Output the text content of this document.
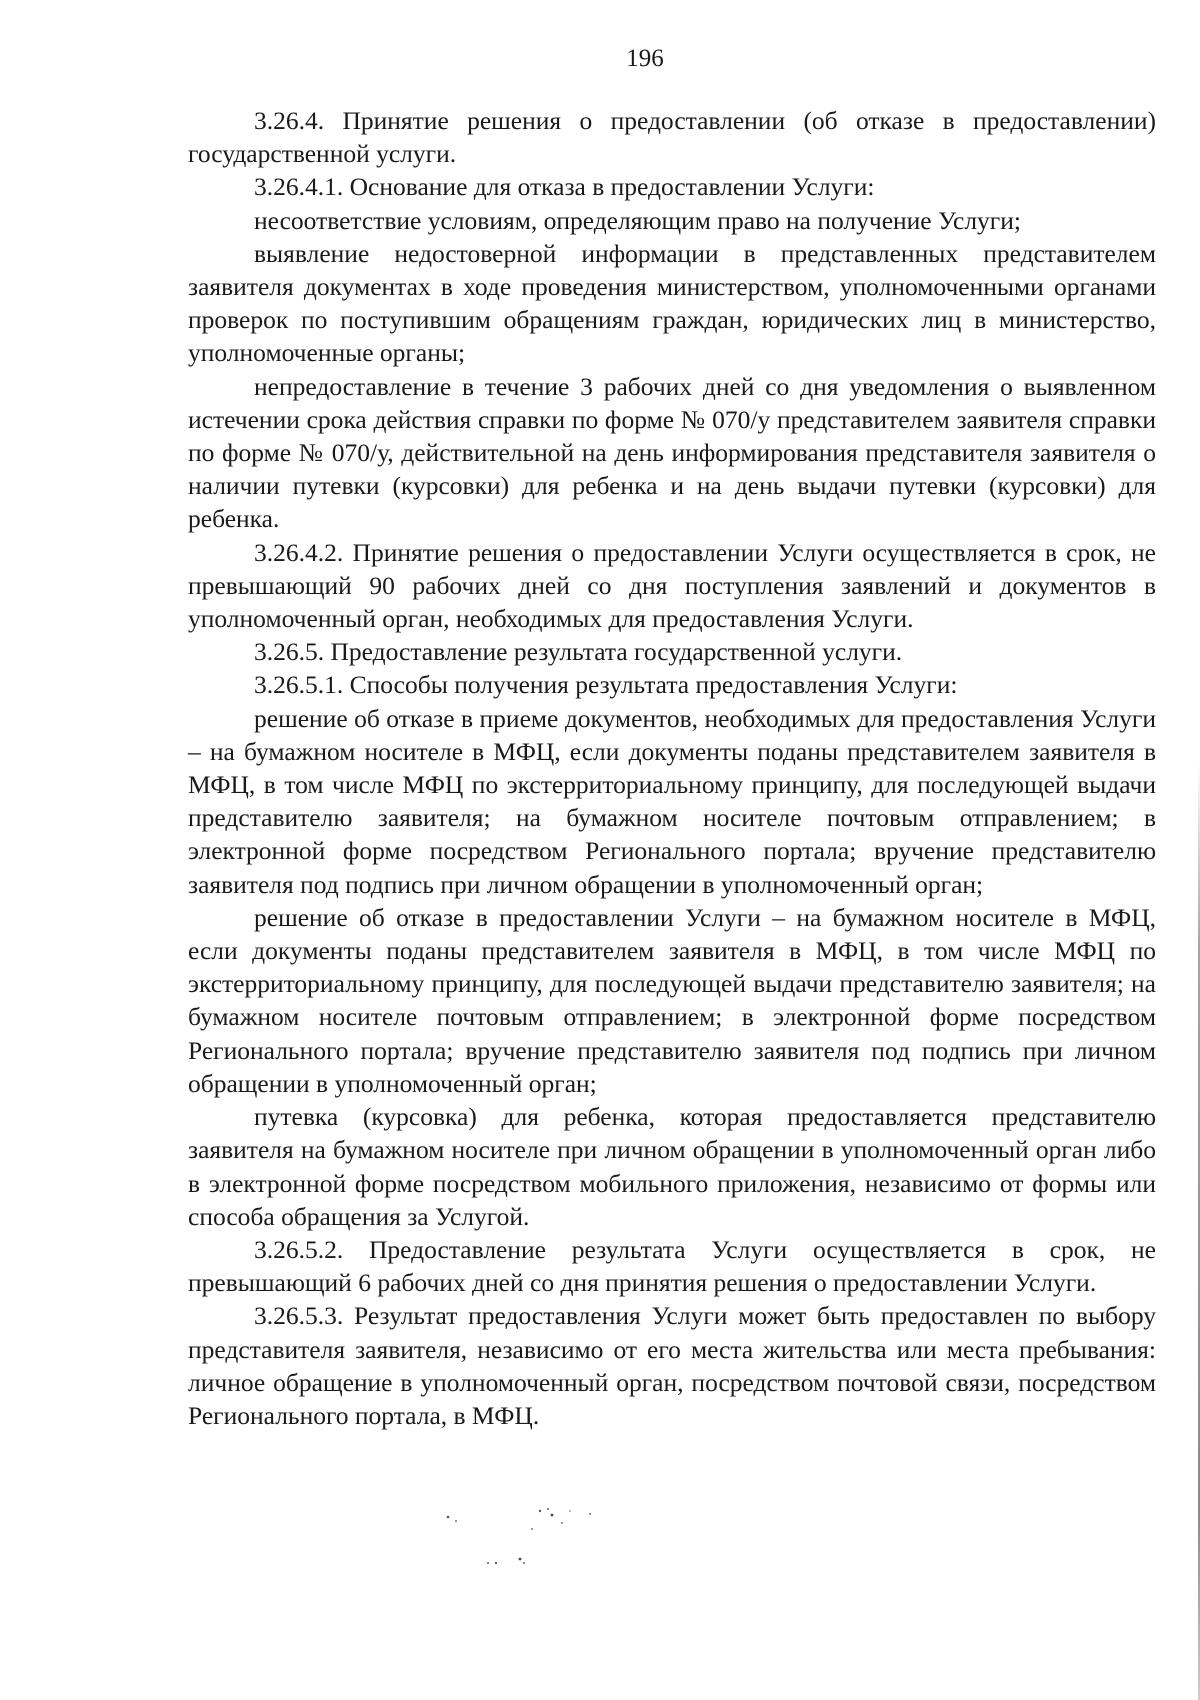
196

3.26.4. Принятие решения о предоставлении (об отказе в предоставлении) государственной услуги.

3.26.4.1. Основание для отказа в предоставлении Услуги:

несоответствие условиям, определяющим право на получение Услуги;

выявление недостоверной информации в представленных представителем заявителя документах в ходе проведения министерством, уполномоченными органами проверок по поступившим обращениям граждан, юридических лиц в министерство, уполномоченные органы;

непредоставление в течение 3 рабочих дней со дня уведомления о выявленном истечении срока действия справки по форме № 070/у представителем заявителя справки по форме № 070/у, действительной на день информирования представителя заявителя о наличии путевки (курсовки) для ребенка и на день выдачи путевки (курсовки) для ребенка.

3.26.4.2. Принятие решения о предоставлении Услуги осуществляется в срок, не превышающий 90 рабочих дней со дня поступления заявлений и документов в уполномоченный орган, необходимых для предоставления Услуги.

3.26.5. Предоставление результата государственной услуги.

3.26.5.1. Способы получения результата предоставления Услуги:

решение об отказе в приеме документов, необходимых для предоставления Услуги – на бумажном носителе в МФЦ, если документы поданы представителем заявителя в МФЦ, в том числе МФЦ по экстерриториальному принципу, для последующей выдачи представителю заявителя; на бумажном носителе почтовым отправлением; в электронной форме посредством Регионального портала; вручение представителю заявителя под подпись при личном обращении в уполномоченный орган;

решение об отказе в предоставлении Услуги – на бумажном носителе в МФЦ, если документы поданы представителем заявителя в МФЦ, в том числе МФЦ по экстерриториальному принципу, для последующей выдачи представителю заявителя; на бумажном носителе почтовым отправлением; в электронной форме посредством Регионального портала; вручение представителю заявителя под подпись при личном обращении в уполномоченный орган;

путевка (курсовка) для ребенка, которая предоставляется представителю заявителя на бумажном носителе при личном обращении в уполномоченный орган либо в электронной форме посредством мобильного приложения, независимо от формы или способа обращения за Услугой.

3.26.5.2. Предоставление результата Услуги осуществляется в срок, не превышающий 6 рабочих дней со дня принятия решения о предоставлении Услуги.

3.26.5.3. Результат предоставления Услуги может быть предоставлен по выбору представителя заявителя, независимо от его места жительства или места пребывания: личное обращение в уполномоченный орган, посредством почтовой связи, посредством Регионального портала, в МФЦ.
